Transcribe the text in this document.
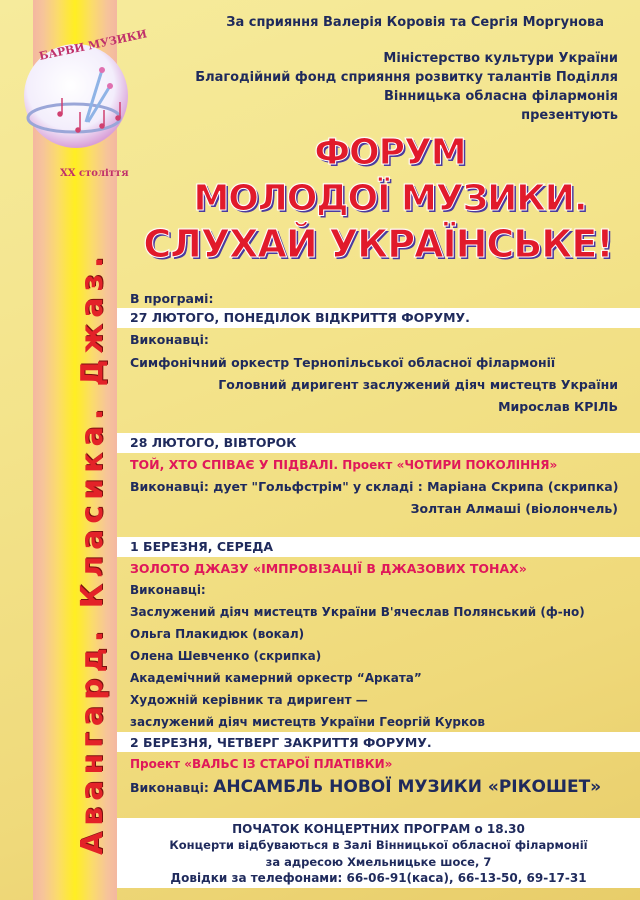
БАРВИ МУЗИКИ
XX століття
Авангард. Класика. Джаз.
За сприяння Валерія Коровія та Сергія Моргунова
Міністерство культури України
Благодійний фонд сприяння розвитку талантів Поділля
Вінницька обласна філармонія
презентують
ФОРУМ
МОЛОДОЇ МУЗИКИ.
СЛУХАЙ УКРАЇНСЬКЕ!
В програмі:
27 ЛЮТОГО, ПОНЕДІЛОК ВІДКРИТТЯ ФОРУМУ.
Виконавці:
Симфонічний оркестр Тернопільської обласної філармонії
Головний диригент заслужений діяч мистецтв України
Мирослав КРІЛЬ
28 ЛЮТОГО, ВІВТОРОК
ТОЙ, ХТО СПІВАЄ У ПІДВАЛІ. Проект «ЧОТИРИ ПОКОЛІННЯ»
Виконавці: дует "Гольфстрім" у складі : Маріана Скрипа (скрипка)
Золтан Алмаші (віолончель)
1 БЕРЕЗНЯ, СЕРЕДА
ЗОЛОТО ДЖАЗУ «ІМПРОВІЗАЦІЇ В ДЖАЗОВИХ ТОНАХ»
Виконавці:
Заслужений діяч мистецтв України В'ячеслав Полянський (ф-но)
Ольга Плакидюк (вокал)
Олена Шевченко (скрипка)
Академічний камерний оркестр “Арката”
Художній керівник та диригент —
заслужений діяч мистецтв України Георгій Курков
2 БЕРЕЗНЯ, ЧЕТВЕРГ ЗАКРИТТЯ ФОРУМУ.
Проект «ВАЛЬС ІЗ СТАРОЇ ПЛАТІВКИ»
Виконавці: АНСАМБЛЬ НОВОЇ МУЗИКИ «РІКОШЕТ»
ПОЧАТОК КОНЦЕРТНИХ ПРОГРАМ о 18.30
Концерти відбуваються в Залі Вінницької обласної філармонії
за адресою Хмельницьке шосе, 7
Довідки за телефонами: 66-06-91(каса), 66-13-50, 69-17-31
